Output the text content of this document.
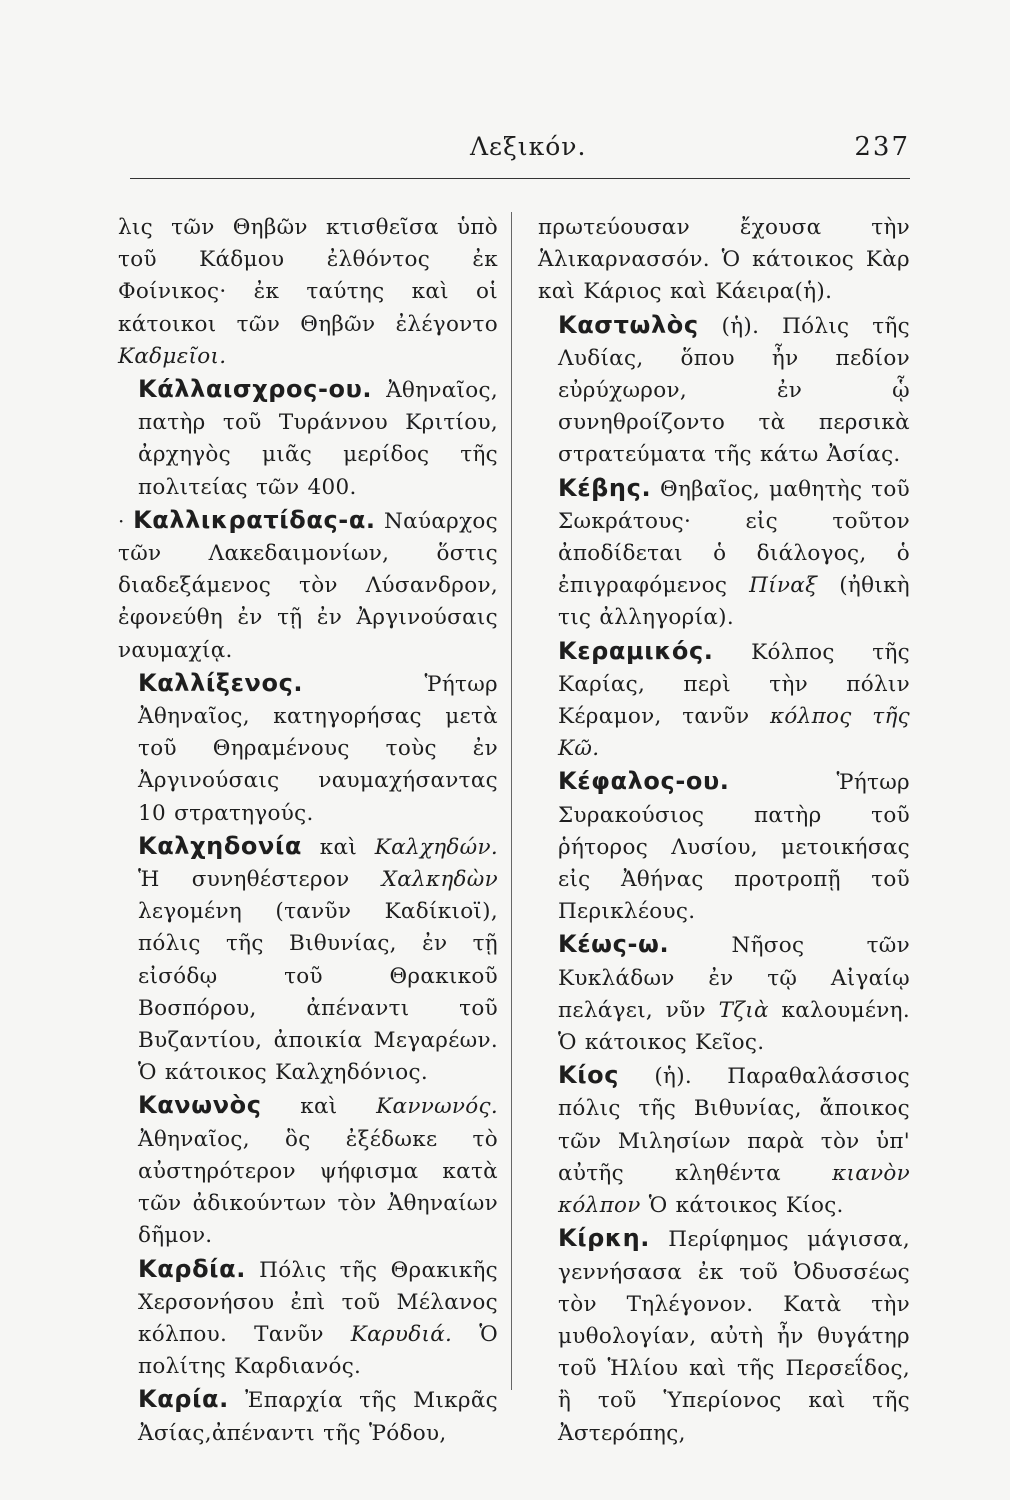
Λεξικόν.	237

λις τῶν Θηβῶν κτισθεῖσα ὑπὸ τοῦ Κάδμου ἐλθόντος ἐκ Φοίνικος· ἐκ ταύτης καὶ οἱ κάτοικοι τῶν Θηβῶν ἐλέγοντο Καδμεῖοι.

Κάλλαισχρος-ου. Ἀθηναῖος, πατὴρ τοῦ Τυράννου Κριτίου, ἀρχηγὸς μιᾶς μερίδος τῆς πολιτείας τῶν 400.

· Καλλικρατίδας-α. Ναύαρχος τῶν Λακεδαιμονίων, ὅστις διαδεξάμενος τὸν Λύσανδρον, ἐφονεύθη ἐν τῇ ἐν Ἀργινούσαις ναυμαχίᾳ.

Καλλίξενος. Ῥήτωρ Ἀθηναῖος, κατηγορήσας μετὰ τοῦ Θηραμένους τοὺς ἐν Ἀργινούσαις ναυμαχήσαντας 10 στρατηγούς.

Καλχηδονία καὶ Καλχηδών. Ἡ συνηθέστερον Χαλκηδὼν λεγομένη (τανῦν Καδίκιοϊ), πόλις τῆς Βιθυνίας, ἐν τῇ εἰσόδῳ τοῦ Θρακικοῦ Βοσπόρου, ἀπέναντι τοῦ Βυζαντίου, ἀποικία Μεγαρέων. Ὁ κάτοικος Καλχηδόνιος.

Κανωνὸς καὶ Καννωνός. Ἀθηναῖος, ὃς ἐξέδωκε τὸ αὐστηρότερον ψήφισμα κατὰ τῶν ἀδικούντων τὸν Ἀθηναίων δῆμον.

Καρδία. Πόλις τῆς Θρακικῆς Χερσονήσου ἐπὶ τοῦ Μέλανος κόλπου. Τανῦν Καρυδιά. Ὁ πολίτης Καρδιανός.

Καρία. Ἐπαρχία τῆς Μικρᾶς Ἀσίας,ἀπέναντι τῆς Ῥόδου,

πρωτεύουσαν ἔχουσα τὴν Ἁλικαρνασσόν. Ὁ κάτοικος Κὰρ καὶ Κάριος καὶ Κάειρα(ἡ).

Καστωλὸς (ἡ). Πόλις τῆς Λυδίας, ὅπου ἦν πεδίον εὐρύχωρον, ἐν ᾧ συνηθροίζοντο τὰ περσικὰ στρατεύματα τῆς κάτω Ἀσίας.

Κέβης. Θηβαῖος, μαθητὴς τοῦ Σωκράτους· εἰς τοῦτον ἀποδίδεται ὁ διάλογος, ὁ ἐπιγραφόμενος Πίναξ (ἠθικὴ τις ἀλληγορία).

Κεραμικός. Κόλπος τῆς Καρίας, περὶ τὴν πόλιν Κέραμον, τανῦν κόλπος τῆς Κῶ.

Κέφαλος-ου. Ῥήτωρ Συρακούσιος πατὴρ τοῦ ῥήτορος Λυσίου, μετοικήσας εἰς Ἀθήνας προτροπῇ τοῦ Περικλέους.

Κέως-ω. Νῆσος τῶν Κυκλάδων ἐν τῷ Αἰγαίῳ πελάγει, νῦν Τζιὰ καλουμένη. Ὁ κάτοικος Κεῖος.

Κίος (ἡ). Παραθαλάσσιος πόλις τῆς Βιθυνίας, ἄποικος τῶν Μιλησίων παρὰ τὸν ὑπ' αὐτῆς κληθέντα κιανὸν κόλπον Ὁ κάτοικος Κίος.

Κίρκη. Περίφημος μάγισσα, γεννήσασα ἐκ τοῦ Ὀδυσσέως τὸν Τηλέγονον. Κατὰ τὴν μυθολογίαν, αὐτὴ ἦν θυγάτηρ τοῦ Ἡλίου καὶ τῆς Περσεΐδος, ἢ τοῦ Ὑπερίονος καὶ τῆς Ἀστερόπης,
